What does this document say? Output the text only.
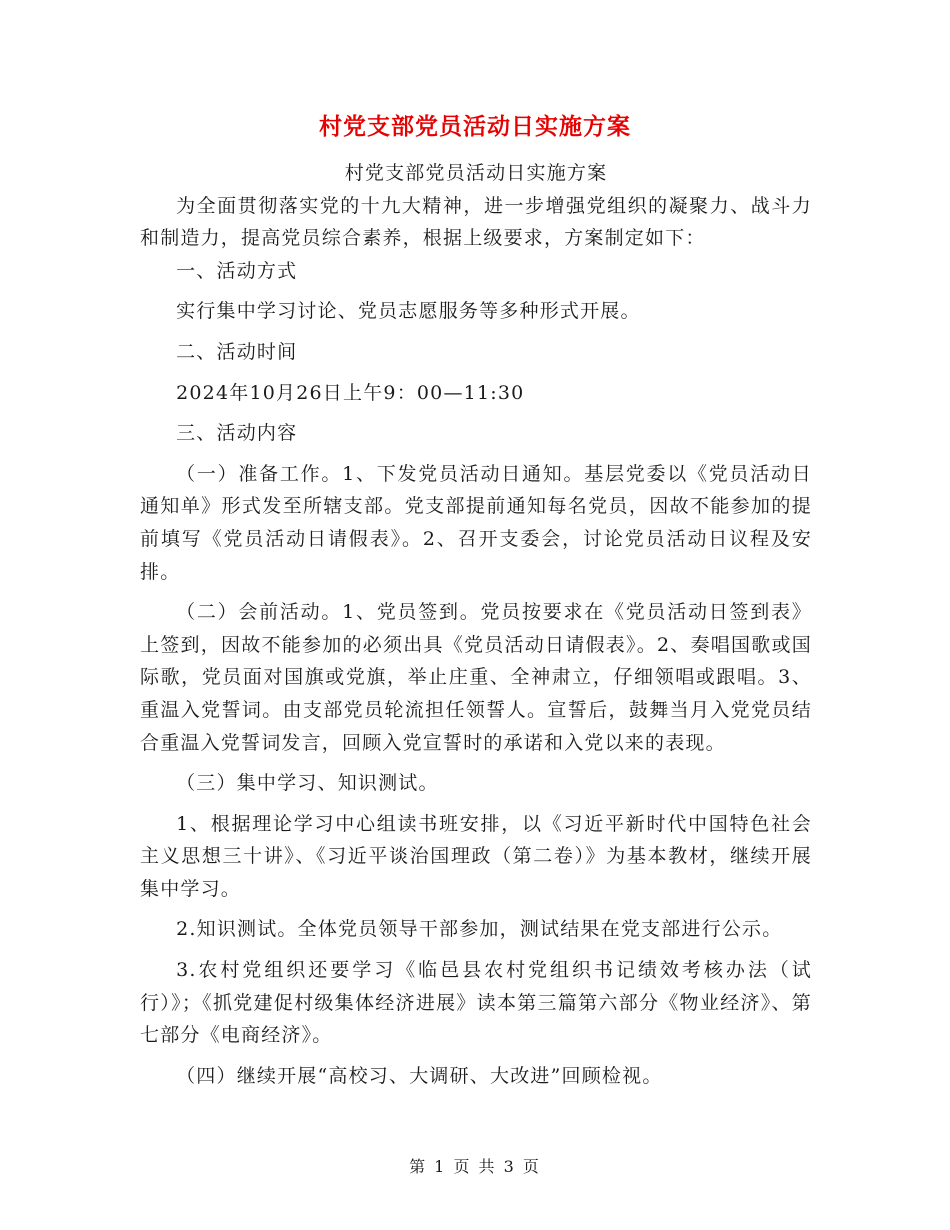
村党支部党员活动日实施方案

村党支部党员活动日实施方案

为全面贯彻落实党的十九大精神，进一步增强党组织的凝聚力、战斗力和制造力，提高党员综合素养，根据上级要求，方案制定如下：

一、活动方式

实行集中学习讨论、党员志愿服务等多种形式开展。

二、活动时间

2024年10月26日上午9：00—11:30

三、活动内容

（一）准备工作。1、下发党员活动日通知。基层党委以《党员活动日通知单》形式发至所辖支部。党支部提前通知每名党员，因故不能参加的提前填写《党员活动日请假表》。2、召开支委会，讨论党员活动日议程及安排。

（二）会前活动。1、党员签到。党员按要求在《党员活动日签到表》上签到，因故不能参加的必须出具《党员活动日请假表》。2、奏唱国歌或国际歌，党员面对国旗或党旗，举止庄重、全神肃立，仔细领唱或跟唱。3、重温入党誓词。由支部党员轮流担任领誓人。宣誓后，鼓舞当月入党党员结合重温入党誓词发言，回顾入党宣誓时的承诺和入党以来的表现。

（三）集中学习、知识测试。

1、根据理论学习中心组读书班安排，以《习近平新时代中国特色社会主义思想三十讲》、《习近平谈治国理政（第二卷）》为基本教材，继续开展集中学习。

2.知识测试。全体党员领导干部参加，测试结果在党支部进行公示。

3.农村党组织还要学习《临邑县农村党组织书记绩效考核办法（试行）》；《抓党建促村级集体经济进展》读本第三篇第六部分《物业经济》、第七部分《电商经济》。

（四）继续开展“高校习、大调研、大改进”回顾检视。

第 1 页 共 3 页
